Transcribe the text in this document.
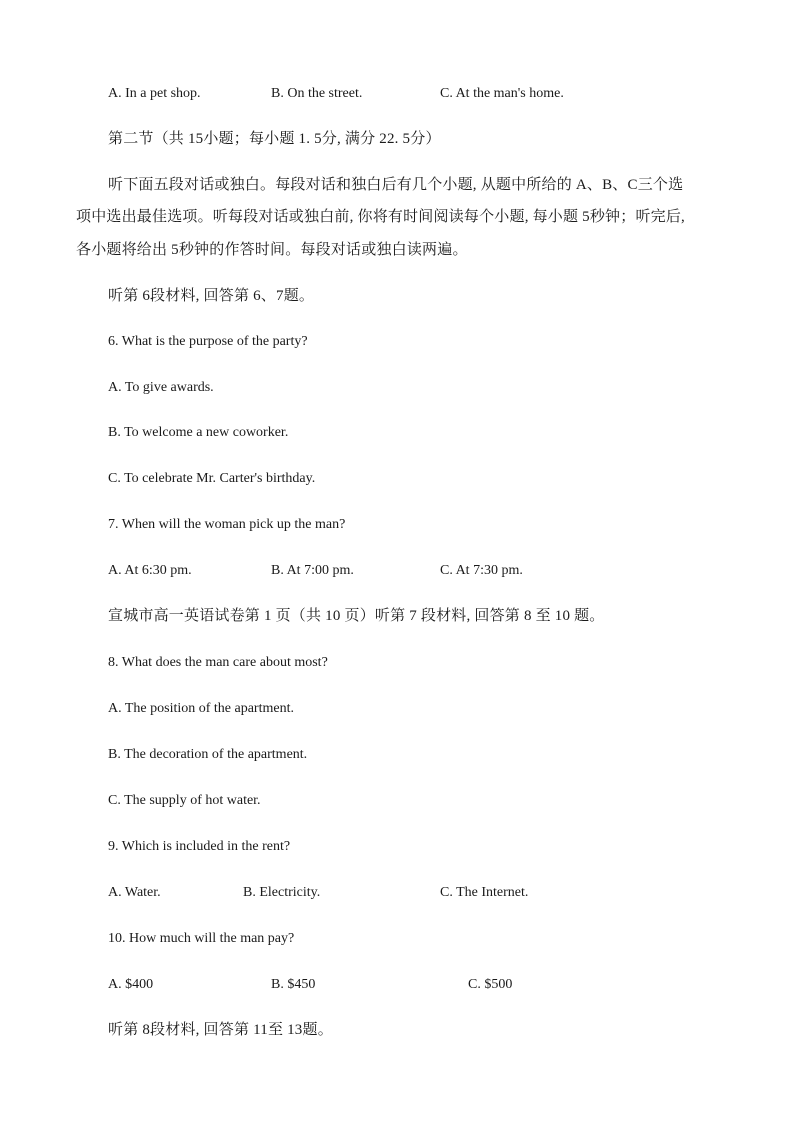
A. In a pet shop.	B. On the street.	C. At the man's home.
第二节（共 15小题；每小题 1. 5分, 满分 22. 5分）
听下面五段对话或独白。每段对话和独白后有几个小题, 从题中所给的 A、B、C三个选
项中选出最佳选项。听每段对话或独白前, 你将有时间阅读每个小题, 每小题 5秒钟；听完后,
各小题将给出 5秒钟的作答时间。每段对话或独白读两遍。
听第 6段材料, 回答第 6、7题。
6. What is the purpose of the party?
A. To give awards.
B. To welcome a new coworker.
C. To celebrate Mr. Carter's birthday.
7. When will the woman pick up the man?
A. At 6:30 pm.	B. At 7:00 pm.	C. At 7:30 pm.
宣城市高一英语试卷第 1 页（共 10 页）听第 7 段材料, 回答第 8 至 10 题。
8. What does the man care about most?
A. The position of the apartment.
B. The decoration of the apartment.
C. The supply of hot water.
9. Which is included in the rent?
A. Water.	B. Electricity.	C. The Internet.
10. How much will the man pay?
A. $400	B. $450	C. $500
听第 8段材料, 回答第 11至 13题。
